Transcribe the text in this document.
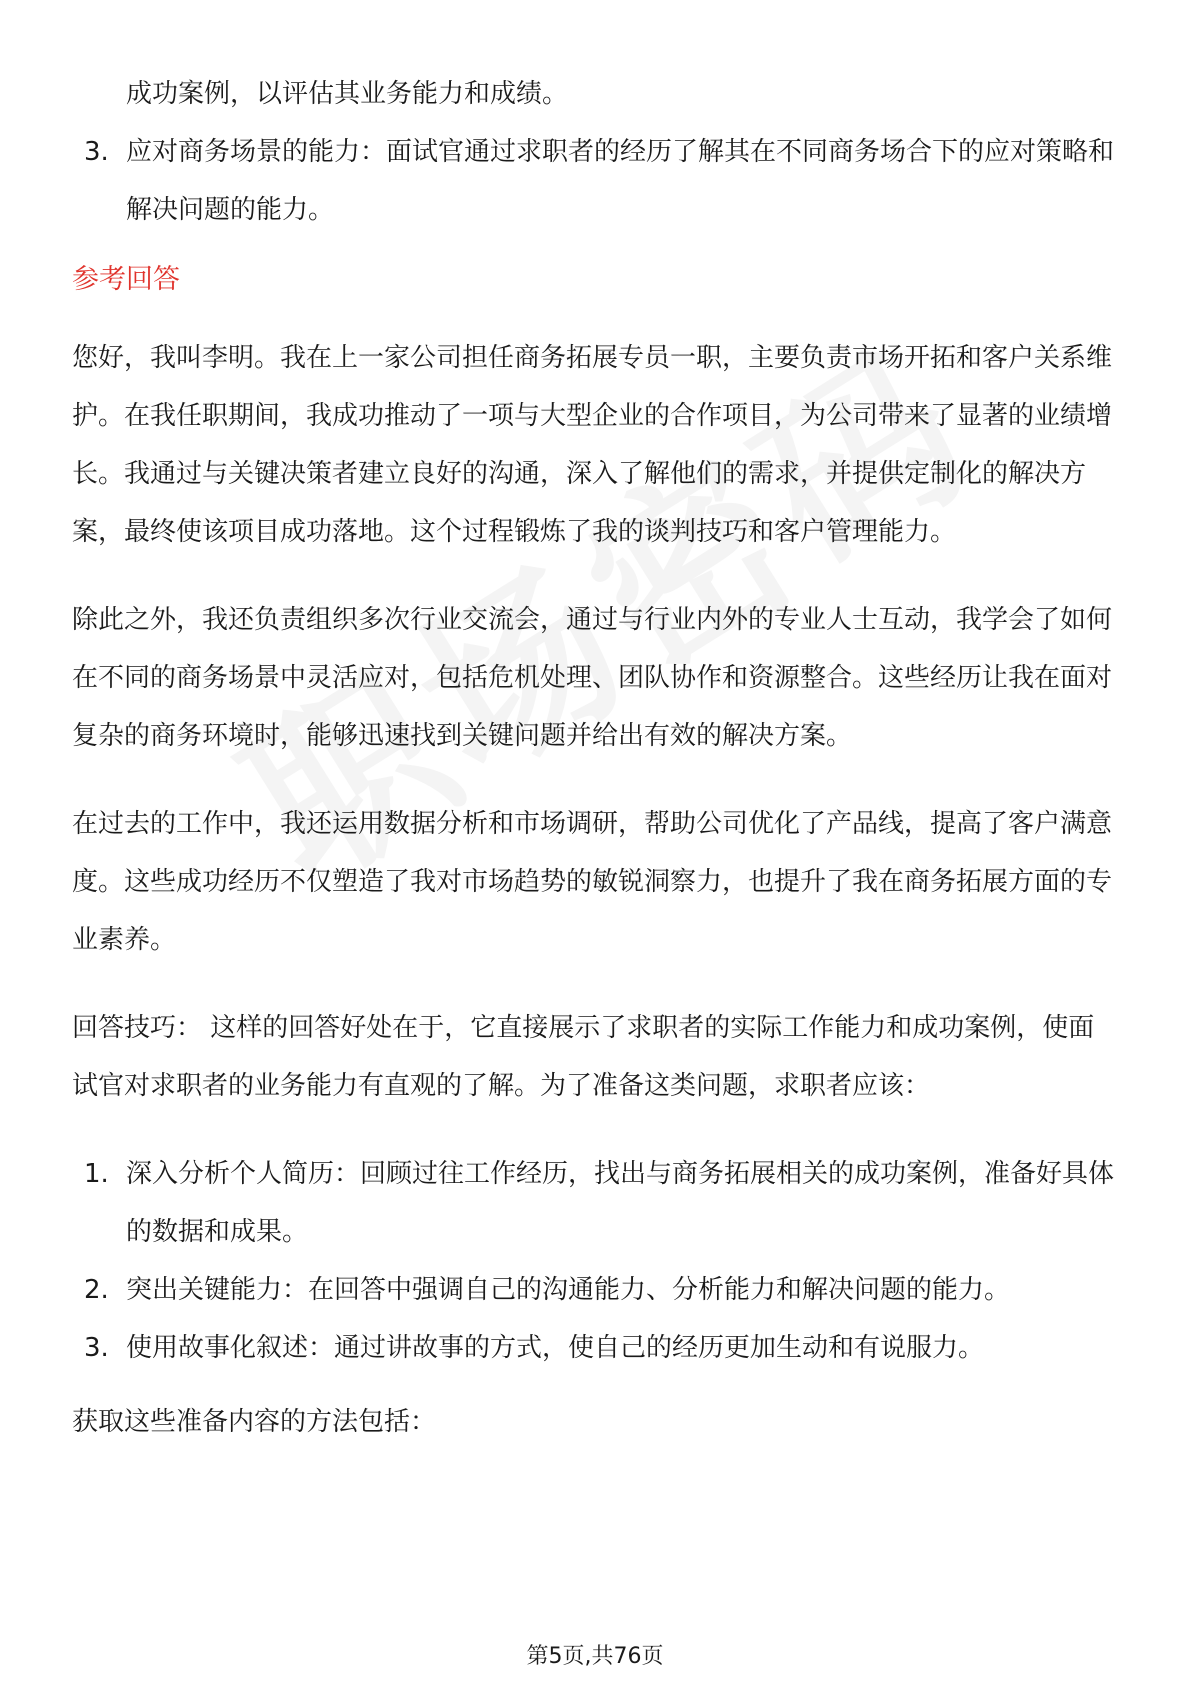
成功案例，以评估其业务能力和成绩。
3. 应对商务场景的能力：面试官通过求职者的经历了解其在不同商务场合下的应对策略和解决问题的能力。
参考回答

您好，我叫李明。我在上一家公司担任商务拓展专员一职，主要负责市场开拓和客户关系维护。在我任职期间，我成功推动了一项与大型企业的合作项目，为公司带来了显著的业绩增长。我通过与关键决策者建立良好的沟通，深入了解他们的需求，并提供定制化的解决方案，最终使该项目成功落地。这个过程锻炼了我的谈判技巧和客户管理能力。

除此之外，我还负责组织多次行业交流会，通过与行业内外的专业人士互动，我学会了如何在不同的商务场景中灵活应对，包括危机处理、团队协作和资源整合。这些经历让我在面对复杂的商务环境时，能够迅速找到关键问题并给出有效的解决方案。

在过去的工作中，我还运用数据分析和市场调研，帮助公司优化了产品线，提高了客户满意度。这些成功经历不仅塑造了我对市场趋势的敏锐洞察力，也提升了我在商务拓展方面的专业素养。

回答技巧： 这样的回答好处在于，它直接展示了求职者的实际工作能力和成功案例，使面试官对求职者的业务能力有直观的了解。为了准备这类问题，求职者应该：

1. 深入分析个人简历：回顾过往工作经历，找出与商务拓展相关的成功案例，准备好具体的数据和成果。
2. 突出关键能力：在回答中强调自己的沟通能力、分析能力和解决问题的能力。
3. 使用故事化叙述：通过讲故事的方式，使自己的经历更加生动和有说服力。

获取这些准备内容的方法包括：

第5页,共76页
